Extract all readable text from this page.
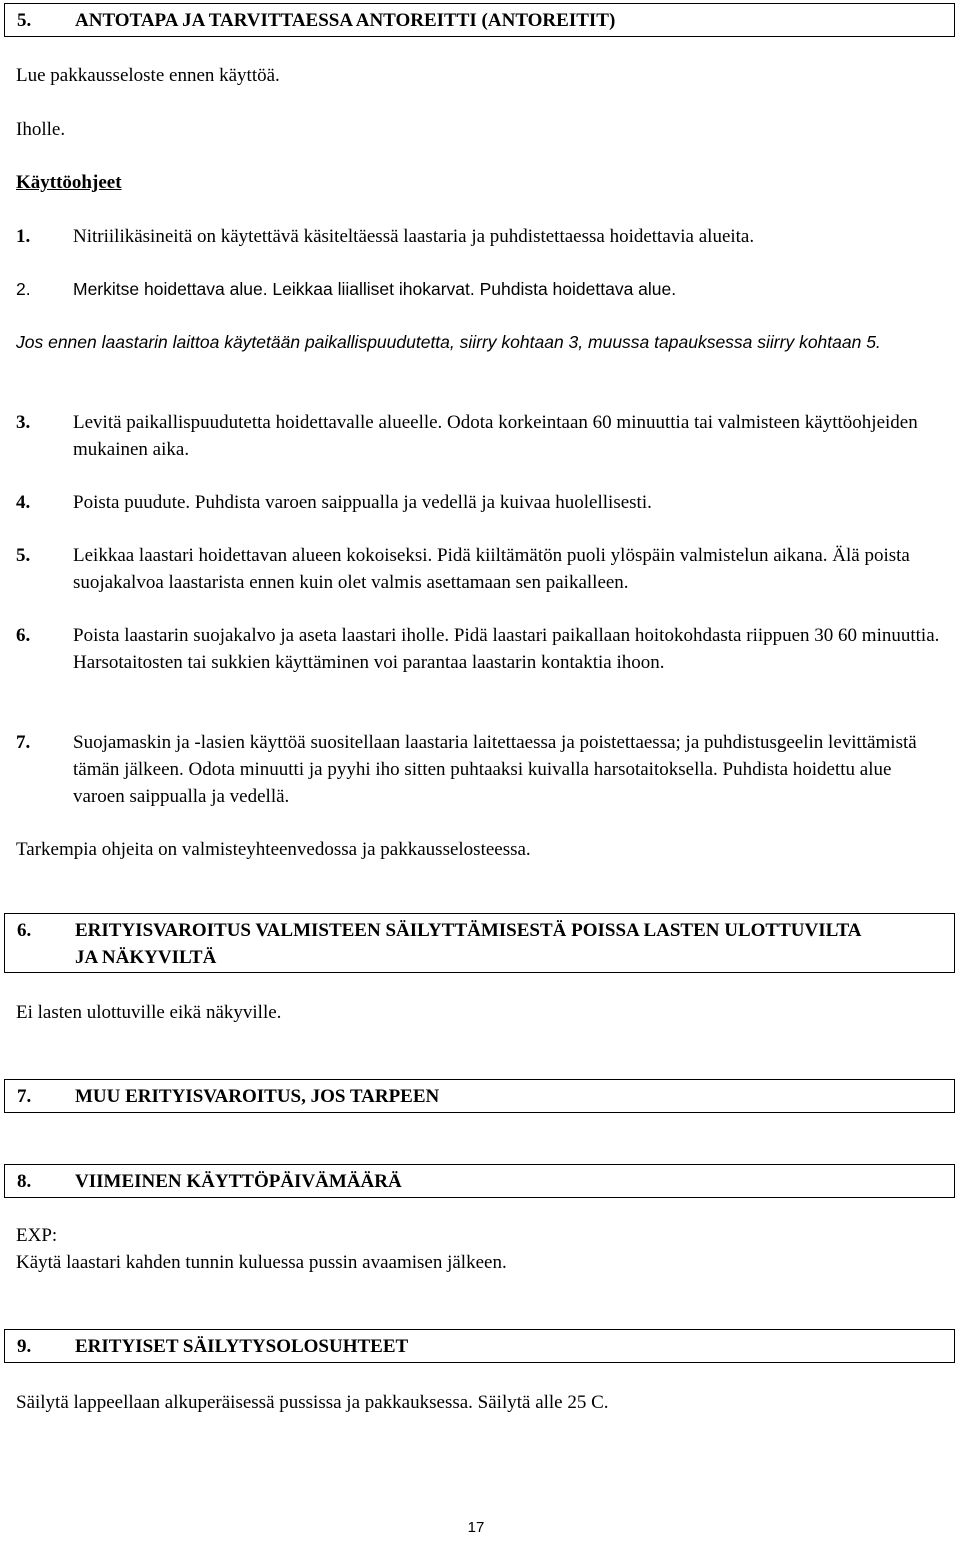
5. ANTOTAPA JA TARVITTAESSA ANTOREITTI (ANTOREITIT)
Lue pakkausseloste ennen käyttöä.
Iholle.
Käyttöohjeet
1. Nitriilikäsineitä on käytettävä käsiteltäessä laastaria ja puhdistettaessa hoidettavia alueita.
2. Merkitse hoidettava alue. Leikkaa liialliset ihokarvat. Puhdista hoidettava alue.
Jos ennen laastarin laittoa käytetään paikallispuudutetta, siirry kohtaan 3, muussa tapauksessa siirry kohtaan 5.
3. Levitä paikallispuudutetta hoidettavalle alueelle. Odota korkeintaan 60 minuuttia tai valmisteen käyttöohjeiden mukainen aika.
4. Poista puudute. Puhdista varoen saippualla ja vedellä ja kuivaa huolellisesti.
5. Leikkaa laastari hoidettavan alueen kokoiseksi. Pidä kiiltämätön puoli ylöspäin valmistelun aikana. Älä poista suojakalvoa laastarista ennen kuin olet valmis asettamaan sen paikalleen.
6. Poista laastarin suojakalvo ja aseta laastari iholle. Pidä laastari paikallaan hoitokohdasta riippuen 30 60 minuuttia. Harsotaitosten tai sukkien käyttäminen voi parantaa laastarin kontaktia ihoon.
7. Suojamaskin ja -lasien käyttöä suositellaan laastaria laitettaessa ja poistettaessa; ja puhdistusgeelin levittämistä tämän jälkeen. Odota minuutti ja pyyhi iho sitten puhtaaksi kuivalla harsotaitoksella. Puhdista hoidettu alue varoen saippualla ja vedellä.
Tarkempia ohjeita on valmisteyhteenvedossa ja pakkausselosteessa.
6. ERITYISVAROITUS VALMISTEEN SÄILYTTÄMISESTÄ POISSA LASTEN ULOTTUVILTA JA NÄKYVILTÄ
Ei lasten ulottuville eikä näkyville.
7. MUU ERITYISVAROITUS, JOS TARPEEN
8. VIIMEINEN KÄYTTÖPÄIVÄMÄÄRÄ
EXP:
Käytä laastari kahden tunnin kuluessa pussin avaamisen jälkeen.
9. ERITYISET SÄILYTYSOLOSUHTEET
Säilytä lappeellaan alkuperäisessä pussissa ja pakkauksessa. Säilytä alle 25 C.
17
